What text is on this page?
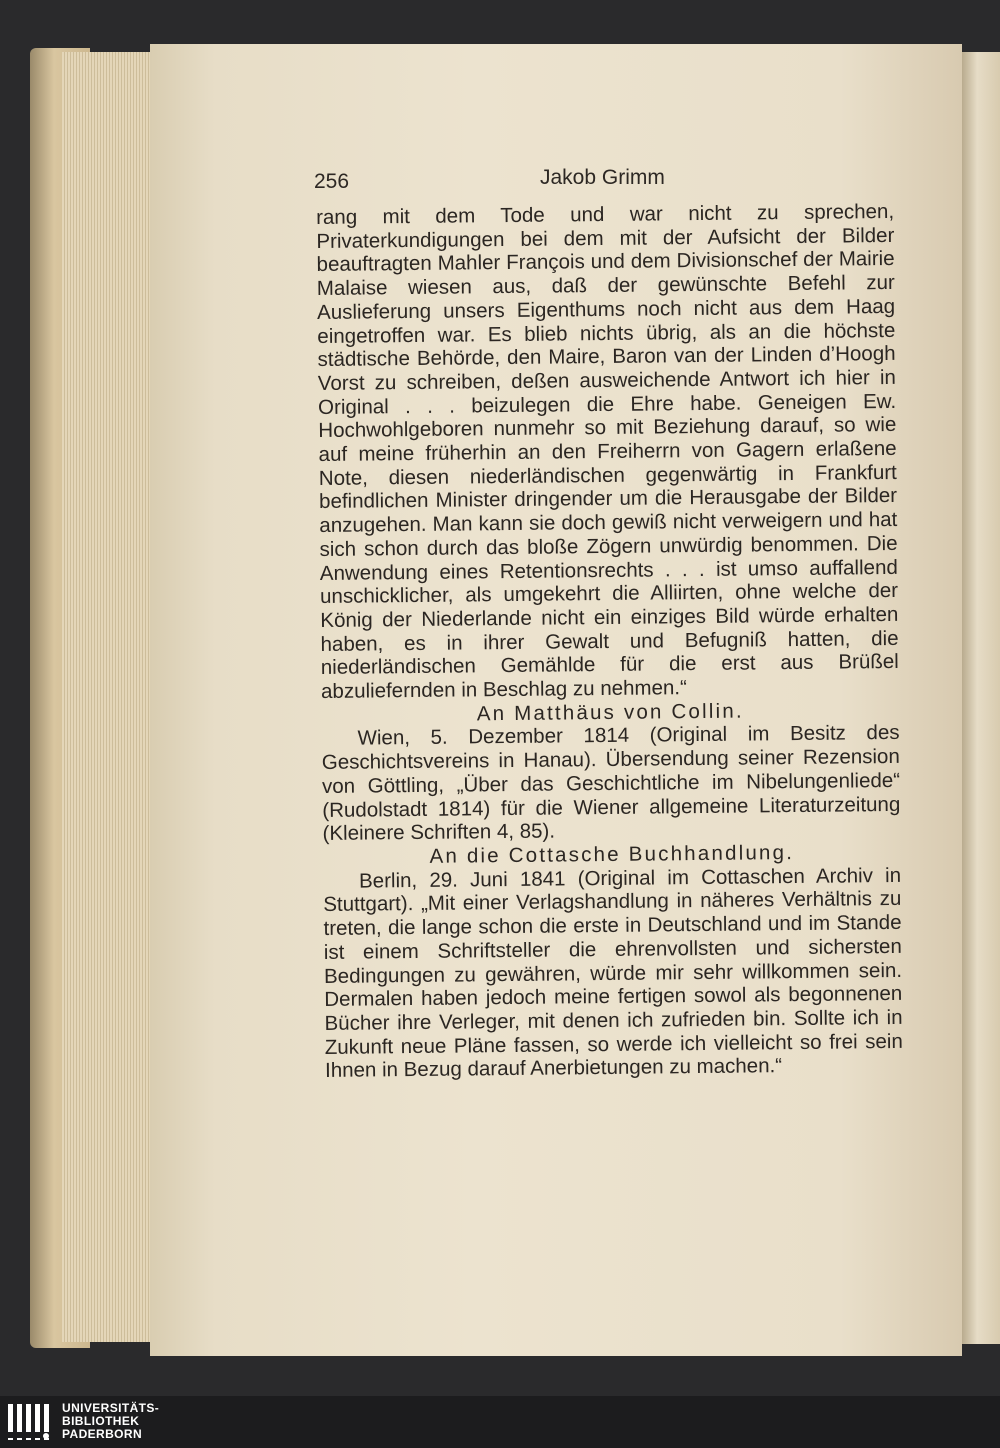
256	Jakob Grimm

rang mit dem Tode und war nicht zu sprechen, Privaterkundigungen bei dem mit der Aufsicht der Bilder beauftragten Mahler François und dem Divisionschef der Mairie Malaise wiesen aus, daß der gewünschte Befehl zur Auslieferung unsers Eigenthums noch nicht aus dem Haag eingetroffen war. Es blieb nichts übrig, als an die höchste städtische Behörde, den Maire, Baron van der Linden d’Hoogh Vorst zu schreiben, deßen ausweichende Antwort ich hier in Original . . . beizulegen die Ehre habe. Geneigen Ew. Hochwohlgeboren nunmehr so mit Beziehung darauf, so wie auf meine früherhin an den Freiherrn von Gagern erlaßene Note, diesen niederländischen gegenwärtig in Frankfurt befindlichen Minister dringender um die Herausgabe der Bilder anzugehen. Man kann sie doch gewiß nicht verweigern und hat sich schon durch das bloße Zögern unwürdig benommen. Die Anwendung eines Retentionsrechts . . . ist umso auffallend unschicklicher, als umgekehrt die Alliirten, ohne welche der König der Niederlande nicht ein einziges Bild würde erhalten haben, es in ihrer Gewalt und Befugniß hatten, die niederländischen Gemählde für die erst aus Brüßel abzuliefernden in Beschlag zu nehmen.“

An Matthäus von Collin.

Wien, 5. Dezember 1814 (Original im Besitz des Geschichtsvereins in Hanau). Übersendung seiner Rezension von Göttling, „Über das Geschichtliche im Nibelungenliede“ (Rudolstadt 1814) für die Wiener allgemeine Literaturzeitung (Kleinere Schriften 4, 85).

An die Cottasche Buchhandlung.

Berlin, 29. Juni 1841 (Original im Cottaschen Archiv in Stuttgart). „Mit einer Verlagshandlung in näheres Verhältnis zu treten, die lange schon die erste in Deutschland und im Stande ist einem Schriftsteller die ehrenvollsten und sichersten Bedingungen zu gewähren, würde mir sehr willkommen sein. Dermalen haben jedoch meine fertigen sowol als begonnenen Bücher ihre Verleger, mit denen ich zufrieden bin. Sollte ich in Zukunft neue Pläne fassen, so werde ich vielleicht so frei sein Ihnen in Bezug darauf Anerbietungen zu machen.“

UNIVERSITÄTS-
BIBLIOTHEK
PADERBORN
